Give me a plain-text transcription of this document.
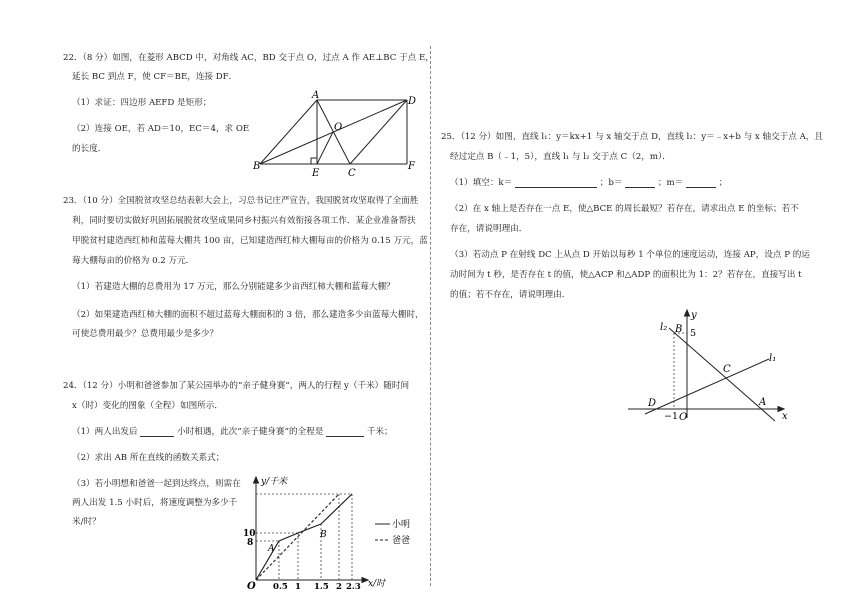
22．（8 分）如图，在菱形 ABCD 中，对角线 AC，BD 交于点 O，过点 A 作 AE⊥BC 于点 E，
延长 BC 到点 F，使 CF＝BE，连接 DF．
（1）求证：四边形 AEFD 是矩形；
（2）连接 OE，若 AD＝10，EC＝4，求 OE
的长度．
A
D
B
E	C
F
O
23．（10 分）全国脱贫攻坚总结表彰大会上，习总书记庄严宣告，我国脱贫攻坚取得了全面胜
利，同时要切实做好巩固拓展脱贫攻坚成果同乡村振兴有效衔接各项工作．某企业准备帮扶
甲脱贫村建造西红柿和蓝莓大棚共 100 亩，已知建造西红柿大棚每亩的价格为 0.15 万元，蓝
莓大棚每亩的价格为 0.2 万元．
（1）若建造大棚的总费用为 17 万元，那么分别能建多少亩西红柿大棚和蓝莓大棚？
（2）如果建造西红柿大棚的面积不超过蓝莓大棚面积的 3 倍，那么建造多少亩蓝莓大棚时，
可使总费用最少？总费用最少是多少？
24．（12 分）小明和爸爸参加了某公园举办的“亲子健身赛”，两人的行程 y（千米）随时间
x（时）变化的图象（全程）如图所示．
（1）两人出发后	小时相遇，此次“亲子健身赛”的全程是	千米；
（2）求出 AB 所在直线的函数关系式；
（3）若小明想和爸爸一起到达终点，则需在
两人出发 1.5 小时后，将速度调整为多少千
米/时？	小明
爸爸
y/千米
x/时
O
10
8
0.5 1 1.5 2 2.3
A
B
25．（12 分）如图，直线 l₁：y＝kx+1 与 x 轴交于点 D，直线 l₂：y＝﹣x+b 与 x 轴交于点 A，且
经过定点 B（﹣1，5），直线 l₁ 与 l₂ 交于点 C（2，m）．
（1）填空：k＝	；b＝	；m＝	；
（2）在 x 轴上是否存在一点 E，使△BCE 的周长最短？若存在，请求出点 E 的坐标；若不
存在，请说明理由．
（3）若动点 P 在射线 DC 上从点 D 开始以每秒 1 个单位的速度运动，连接 AP，设点 P 的运
动时间为 t 秒，是否存在 t 的值，使△ACP 和△ADP 的面积比为 1：2？若存在，直接写出 t
的值；若不存在，请说明理由．
y
x
O
B
C
D	A
l₁
l₂
5
−1
